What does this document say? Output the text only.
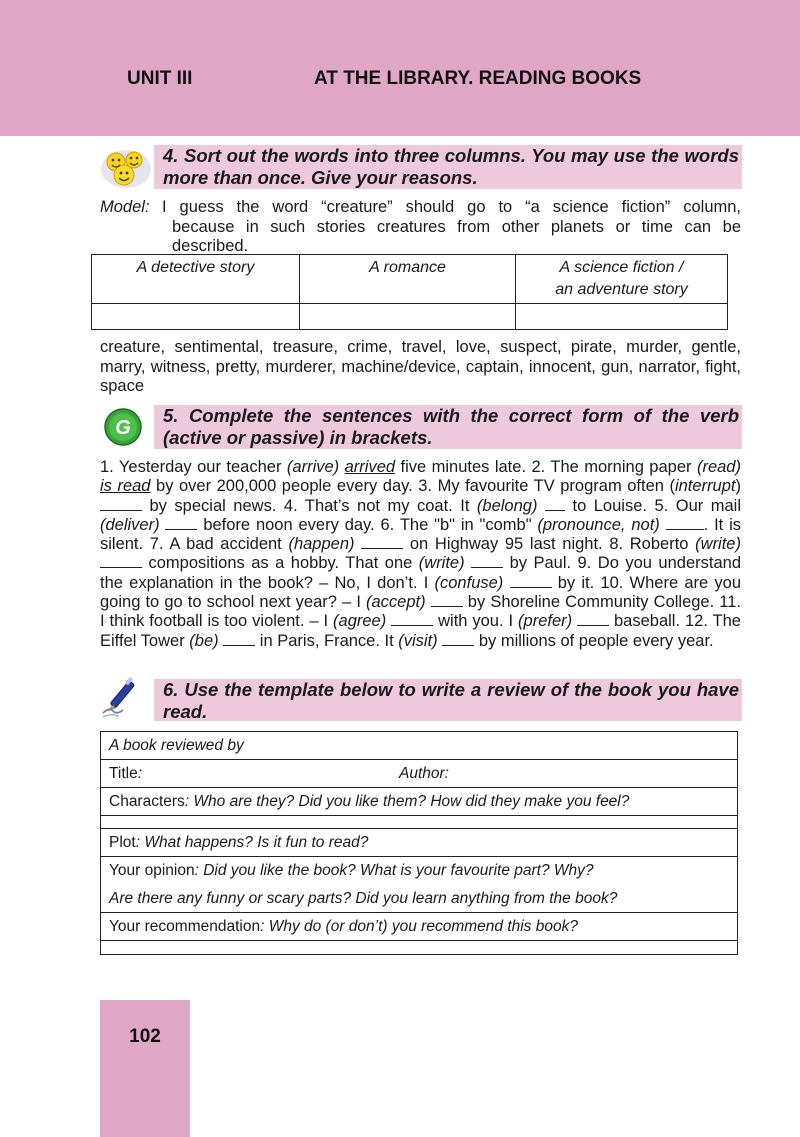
UNIT III	AT THE LIBRARY. READING BOOKS
4. Sort out the words into three columns. You may use the words more than once. Give your reasons.
Model: I guess the word “creature” should go to “a science fiction” column,
because in such stories creatures from other planets or time can be
described.
A detective story	A romance	A science fiction /
an adventure story

creature, sentimental, treasure, crime, travel, love, suspect, pirate, murder, gentle, marry, witness, pretty, murderer, machine/device, captain, innocent, gun, narrator, fight, space
G
5. Complete the sentences with the correct form of the verb (active or passive) in brackets.
1. Yesterday our teacher (arrive) arrived five minutes late. 2. The morning paper (read) is read by over 200,000 people every day. 3. My favourite TV program often (interrupt)  by special news. 4. That’s not my coat. It (belong)  to Louise. 5. Our mail (deliver)  before noon every day. 6. The "b" in "comb" (pronounce, not)	. It is silent. 7. A bad accident (happen)	on Highway 95 last night. 8. Roberto (write)  compositions as a hobby. That one (write)  by Paul. 9. Do you understand the explanation in the book? – No, I don’t. I (confuse)	by it. 10. Where are you going to go to school next year? – I (accept)  by Shoreline Community College. 11. I think football is too violent. – I (agree)	with you. I (prefer)  baseball. 12. The Eiffel Tower (be)  in Paris, France. It (visit)  by millions of people every year.
6. Use the template below to write a review of the book you have read.
A book reviewed by
Title:	Author:
Characters: Who are they? Did you like them? How did they make you feel?
Plot: What happens? Is it fun to read?
Your opinion: Did you like the book? What is your favourite part? Why?
Are there any funny or scary parts? Did you learn anything from the book?
Your recommendation: Why do (or don’t) you recommend this book?
102
